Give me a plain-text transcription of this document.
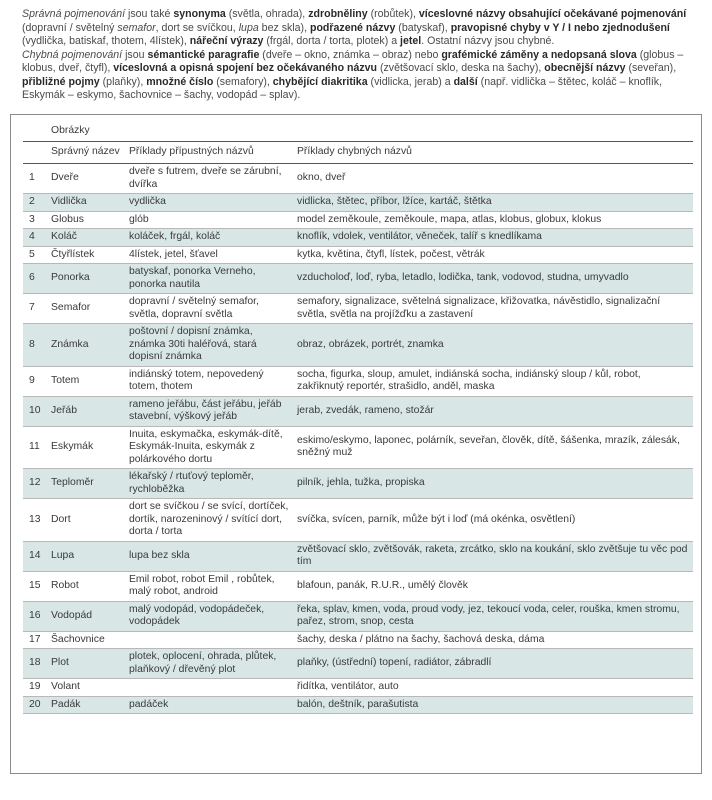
Správná pojmenování jsou také synonyma (světla, ohrada), zdrobněliny (robůtek), víceslovné názvy obsahující očekávané pojmenování (dopravní / světelný semafor, dort se svíčkou, lupa bez skla), podřazené názvy (batyskaf), pravopisné chyby v Y / I nebo zjednodušení (vydlička, batiskaf, thotem, 4lístek), nářeční výrazy (frgál, dorta / torta, plotek) a jetel. Ostatní názvy jsou chybné.

Chybná pojmenování jsou sémantické paragrafie (dveře – okno, známka – obraz) nebo grafémické záměny a nedopsaná slova (globus – klobus, dveř, čtyfl), víceslovná a opisná spojení bez očekávaného názvu (zvětšovací sklo, deska na šachy), obecnější názvy (seveřan), přibližné pojmy (plaňky), množné číslo (semafory), chybějící diakritika (vidlicka, jerab) a další (např. vidlička – štětec, koláč – knoflík, Eskymák – eskymo, šachovnice – šachy, vodopád – splav).

	Obrázky		
	Správný název	Příklady přípustných názvů	Příklady chybných názvů
1	Dveře	dveře s futrem, dveře se zárubní, dvířka	okno, dveř
2	Vidlička	vydlička	vidlicka, štětec, příbor, lžíce, kartáč, štětka
3	Globus	glób	model zeměkoule, zeměkoule, mapa, atlas, klobus, globux, klokus
4	Koláč	koláček, frgál, koláč	knoflík, vdolek, ventilátor, věneček, talíř s knedlíkama
5	Čtyřlístek	4lístek, jetel, šťavel	kytka, květina, čtyfl, lístek, počest, větrák
6	Ponorka	batyskaf, ponorka Verneho, ponorka nautila	vzducholoď, loď, ryba, letadlo, lodička, tank, vodovod, studna, umyvadlo
7	Semafor	dopravní / světelný semafor, světla, dopravní světla	semafory, signalizace, světelná signalizace, křižovatka, návěstidlo, signalizační světla, světla na projížďku a zastavení
8	Známka	poštovní / dopisní známka, známka 30ti haléřová, stará dopisní známka	obraz, obrázek, portrét, znamka
9	Totem	indiánský totem, nepovedený totem, thotem	socha, figurka, sloup, amulet, indiánská socha, indiánský sloup / kůl, robot, zakřiknutý reportér, strašidlo, anděl, maska
10	Jeřáb	rameno jeřábu, část jeřábu, jeřáb stavební, výškový jeřáb	jerab, zvedák, rameno, stožár
11	Eskymák	Inuita, eskymačka, eskymák-dítě, Eskymák-Inuita, eskymák z polárkového dortu	eskimo/eskymo, laponec, polárník, seveřan, člověk, dítě, šášenka, mrazík, zálesák, sněžný muž
12	Teploměr	lékařský / rtuťový teploměr, rychloběžka	pilník, jehla, tužka, propiska
13	Dort	dort se svíčkou / se svící, dortíček, dortík, narozeninový / svítící dort, dorta / torta	svíčka, svícen, parník, může být i loď (má okénka, osvětlení)
14	Lupa	lupa bez skla	zvětšovací sklo, zvětšovák, raketa, zrcátko, sklo na koukání, sklo zvětšuje tu věc pod tím
15	Robot	Emil robot, robot Emil , robůtek, malý robot, android	blafoun, panák, R.U.R., umělý člověk
16	Vodopád	malý vodopád, vodopádeček, vodopádek	řeka, splav, kmen, voda, proud vody, jez, tekoucí voda, celer, rouška, kmen stromu, pařez, strom, snop, cesta
17	Šachovnice		šachy, deska / plátno na šachy, šachová deska, dáma
18	Plot	plotek, oplocení, ohrada, plůtek, plaňkový / dřevěný plot	plaňky, (ústřední) topení, radiátor, zábradlí
19	Volant		řidítka, ventilátor, auto
20	Padák	padáček	balón, deštník, parašutista
